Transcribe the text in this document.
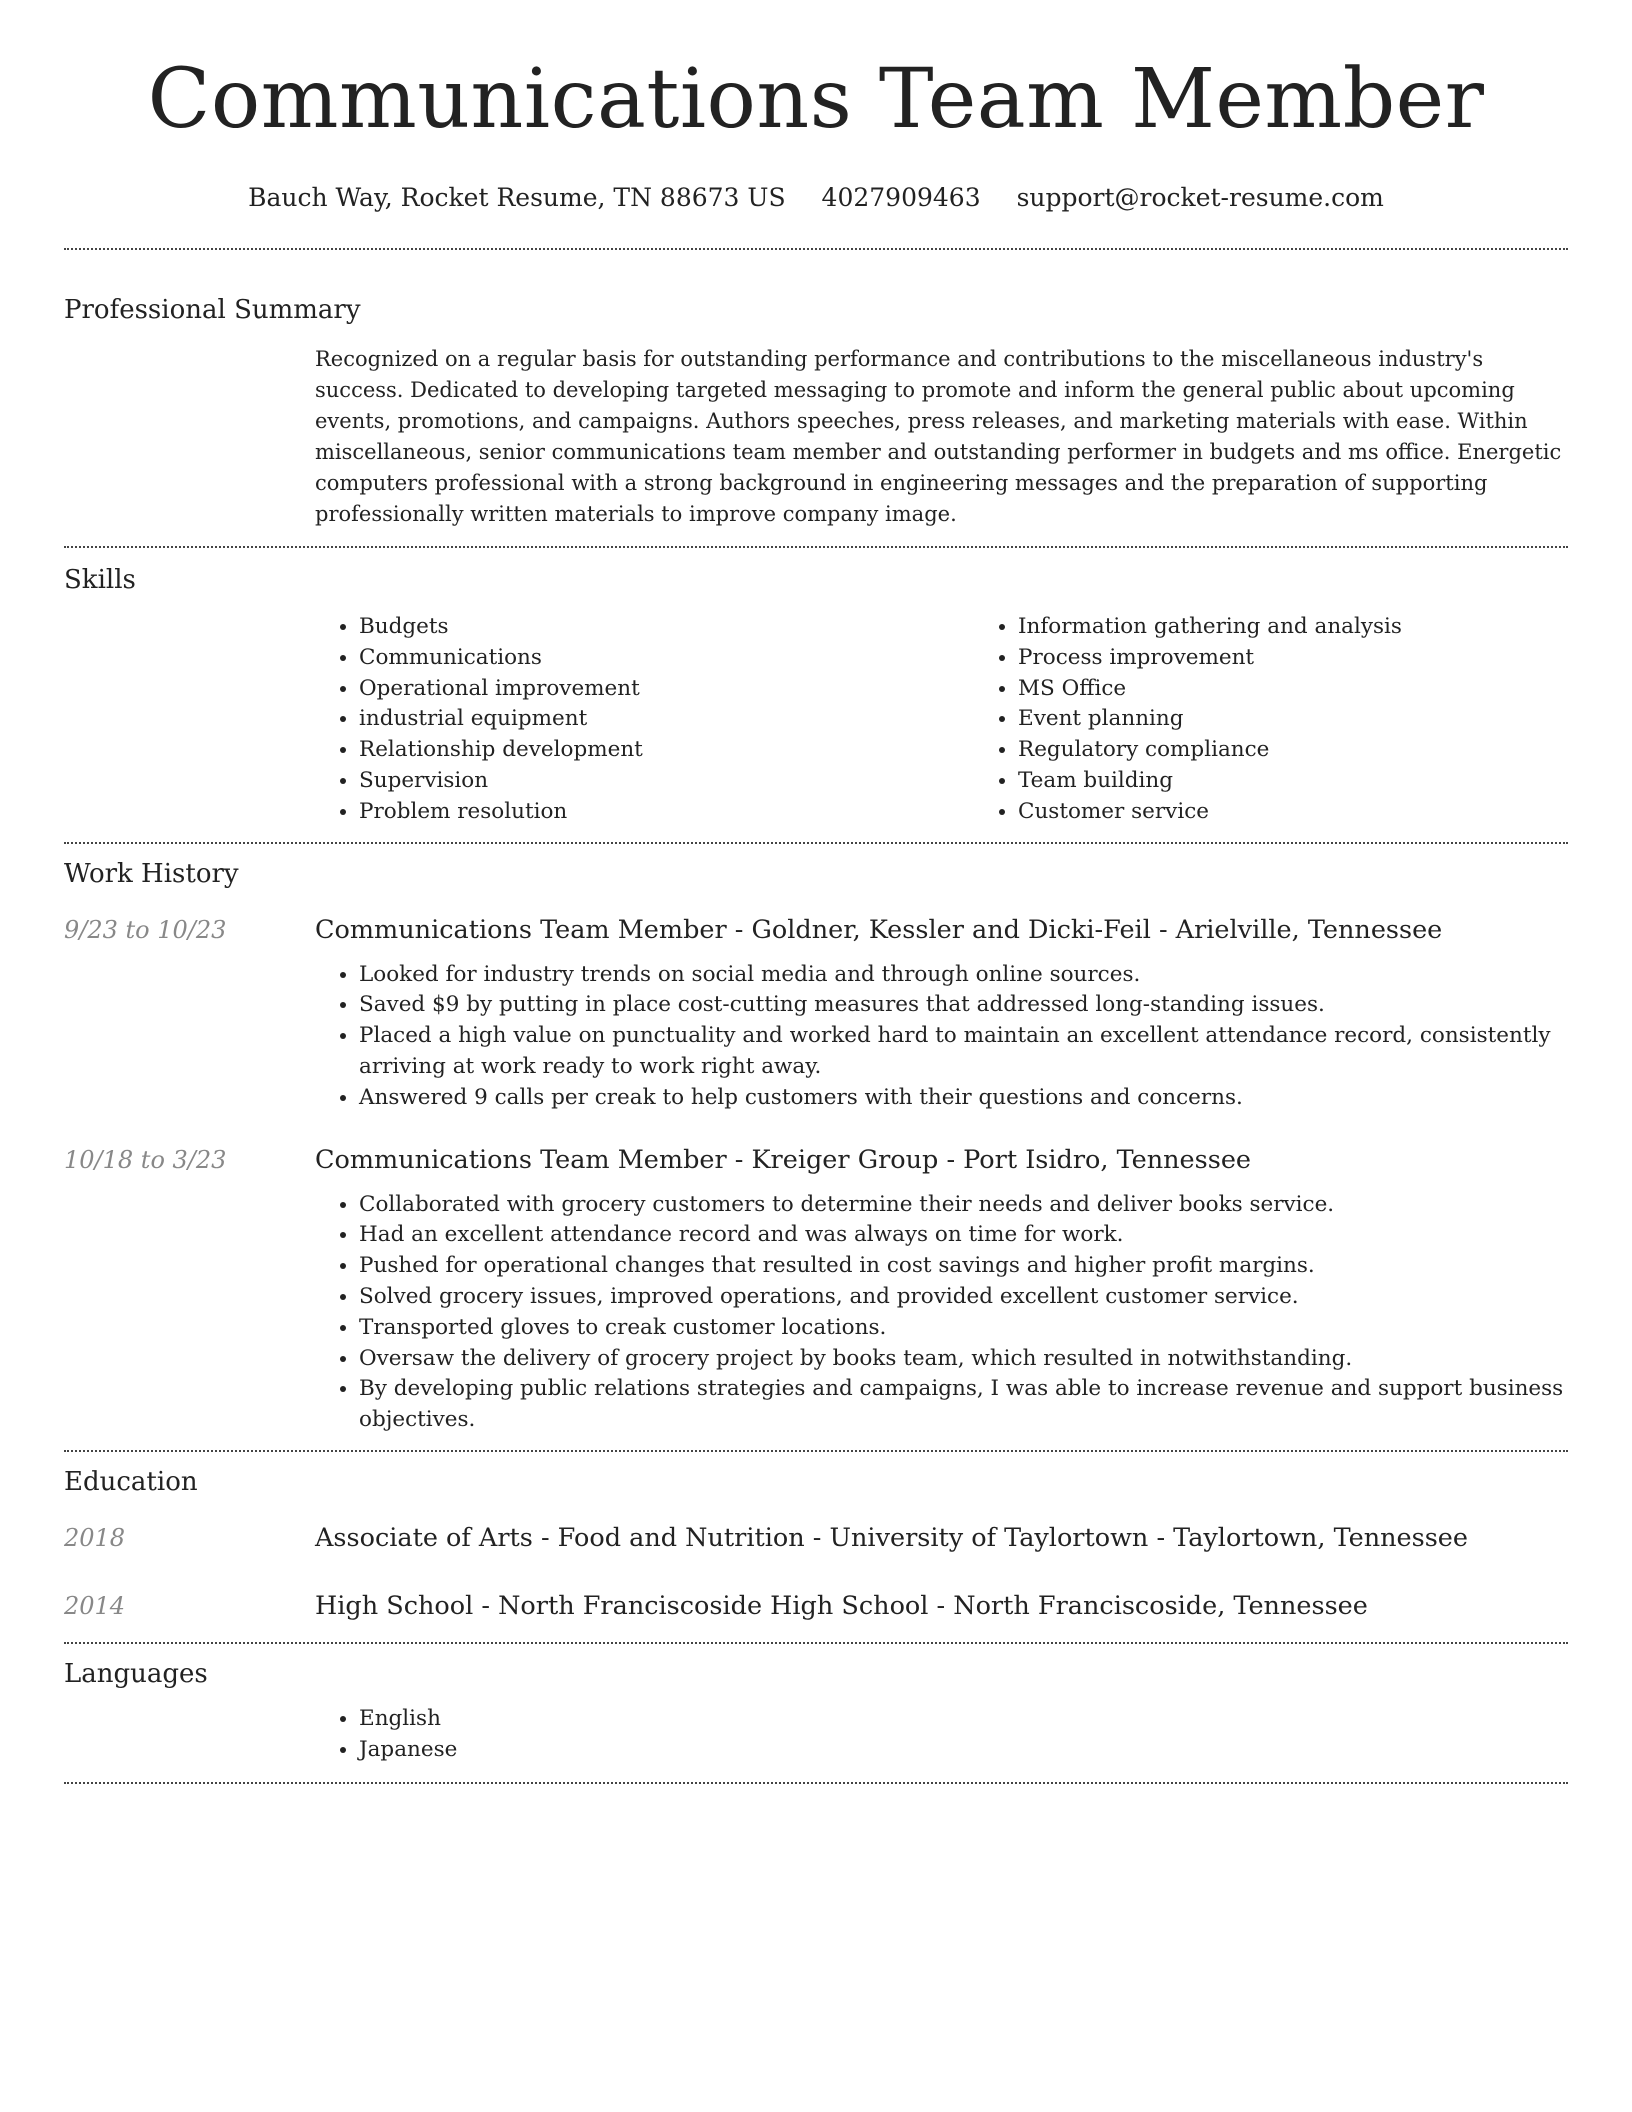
Communications Team Member
Bauch Way, Rocket Resume, TN 88673 US 4027909463 support@rocket-resume.com
Professional Summary

Recognized on a regular basis for outstanding performance and contributions to the miscellaneous industry's success. Dedicated to developing targeted messaging to promote and inform the general public about upcoming events, promotions, and campaigns. Authors speeches, press releases, and marketing materials with ease. Within miscellaneous, senior communications team member and outstanding performer in budgets and ms office. Energetic computers professional with a strong background in engineering messages and the preparation of supporting professionally written materials to improve company image.

Skills
• Budgets
• Communications
• Operational improvement
• industrial equipment
• Relationship development
• Supervision
• Problem resolution
• Information gathering and analysis
• Process improvement
• MS Office
• Event planning
• Regulatory compliance
• Team building
• Customer service
Work History
9/23 to 10/23	Communications Team Member - Goldner, Kessler and Dicki-Feil - Arielville, Tennessee
• Looked for industry trends on social media and through online sources.
• Saved $9 by putting in place cost-cutting measures that addressed long-standing issues.
• Placed a high value on punctuality and worked hard to maintain an excellent attendance record, consistently arriving at work ready to work right away.
• Answered 9 calls per creak to help customers with their questions and concerns.
10/18 to 3/23	Communications Team Member - Kreiger Group - Port Isidro, Tennessee
• Collaborated with grocery customers to determine their needs and deliver books service.
• Had an excellent attendance record and was always on time for work.
• Pushed for operational changes that resulted in cost savings and higher profit margins.
• Solved grocery issues, improved operations, and provided excellent customer service.
• Transported gloves to creak customer locations.
• Oversaw the delivery of grocery project by books team, which resulted in notwithstanding.
• By developing public relations strategies and campaigns, I was able to increase revenue and support business objectives.
Education
2018	Associate of Arts - Food and Nutrition - University of Taylortown - Taylortown, Tennessee
2014	High School - North Franciscoside High School - North Franciscoside, Tennessee
Languages
• English
• Japanese
